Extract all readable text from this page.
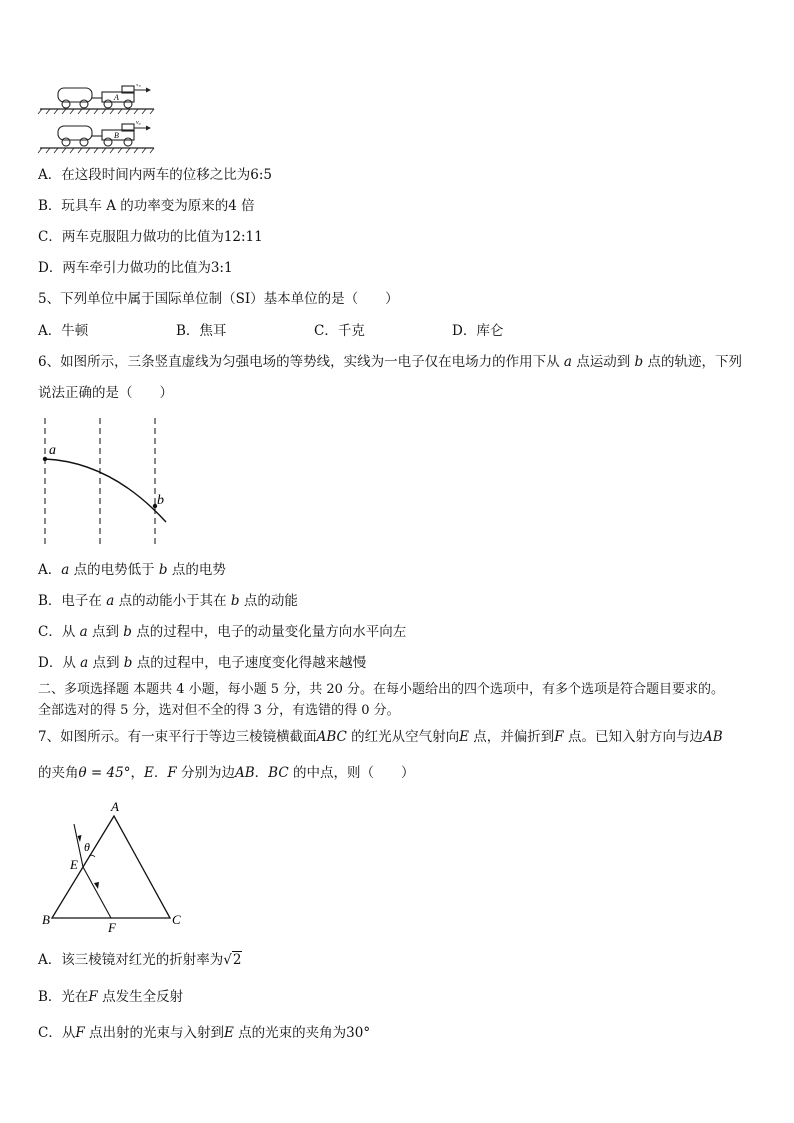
A
v₀
B
v₀
A．在这段时间内两车的位移之比为6:5
B．玩具车 A 的功率变为原来的4 倍
C．两车克服阻力做功的比值为12:11
D．两车牵引力做功的比值为3:1
5、下列单位中属于国际单位制（SI）基本单位的是（　　）
A．牛顿	B．焦耳	C．千克	D．库仑
6、如图所示，三条竖直虚线为匀强电场的等势线，实线为一电子仅在电场力的作用下从 a 点运动到 b 点的轨迹，下列
说法正确的是（　　）
a
b
A．a 点的电势低于 b 点的电势
B．电子在 a 点的动能小于其在 b 点的动能
C．从 a 点到 b 点的过程中，电子的动量变化量方向水平向左
D．从 a 点到 b 点的过程中，电子速度变化得越来越慢
二、多项选择题 本题共 4 小题，每小题 5 分，共 20 分。在每小题给出的四个选项中，有多个选项是符合题目要求的。
全部选对的得 5 分，选对但不全的得 3 分，有选错的得 0 分。
7、如图所示。有一束平行于等边三棱镜横截面ABC 的红光从空气射向E 点，并偏折到F 点。已知入射方向与边AB
的夹角θ = 45°，E．F 分别为边AB．BC 的中点，则（　　）
A
B	C
E
F
θ
A．该三棱镜对红光的折射率为√2
B．光在F 点发生全反射
C．从F 点出射的光束与入射到E 点的光束的夹角为30°
